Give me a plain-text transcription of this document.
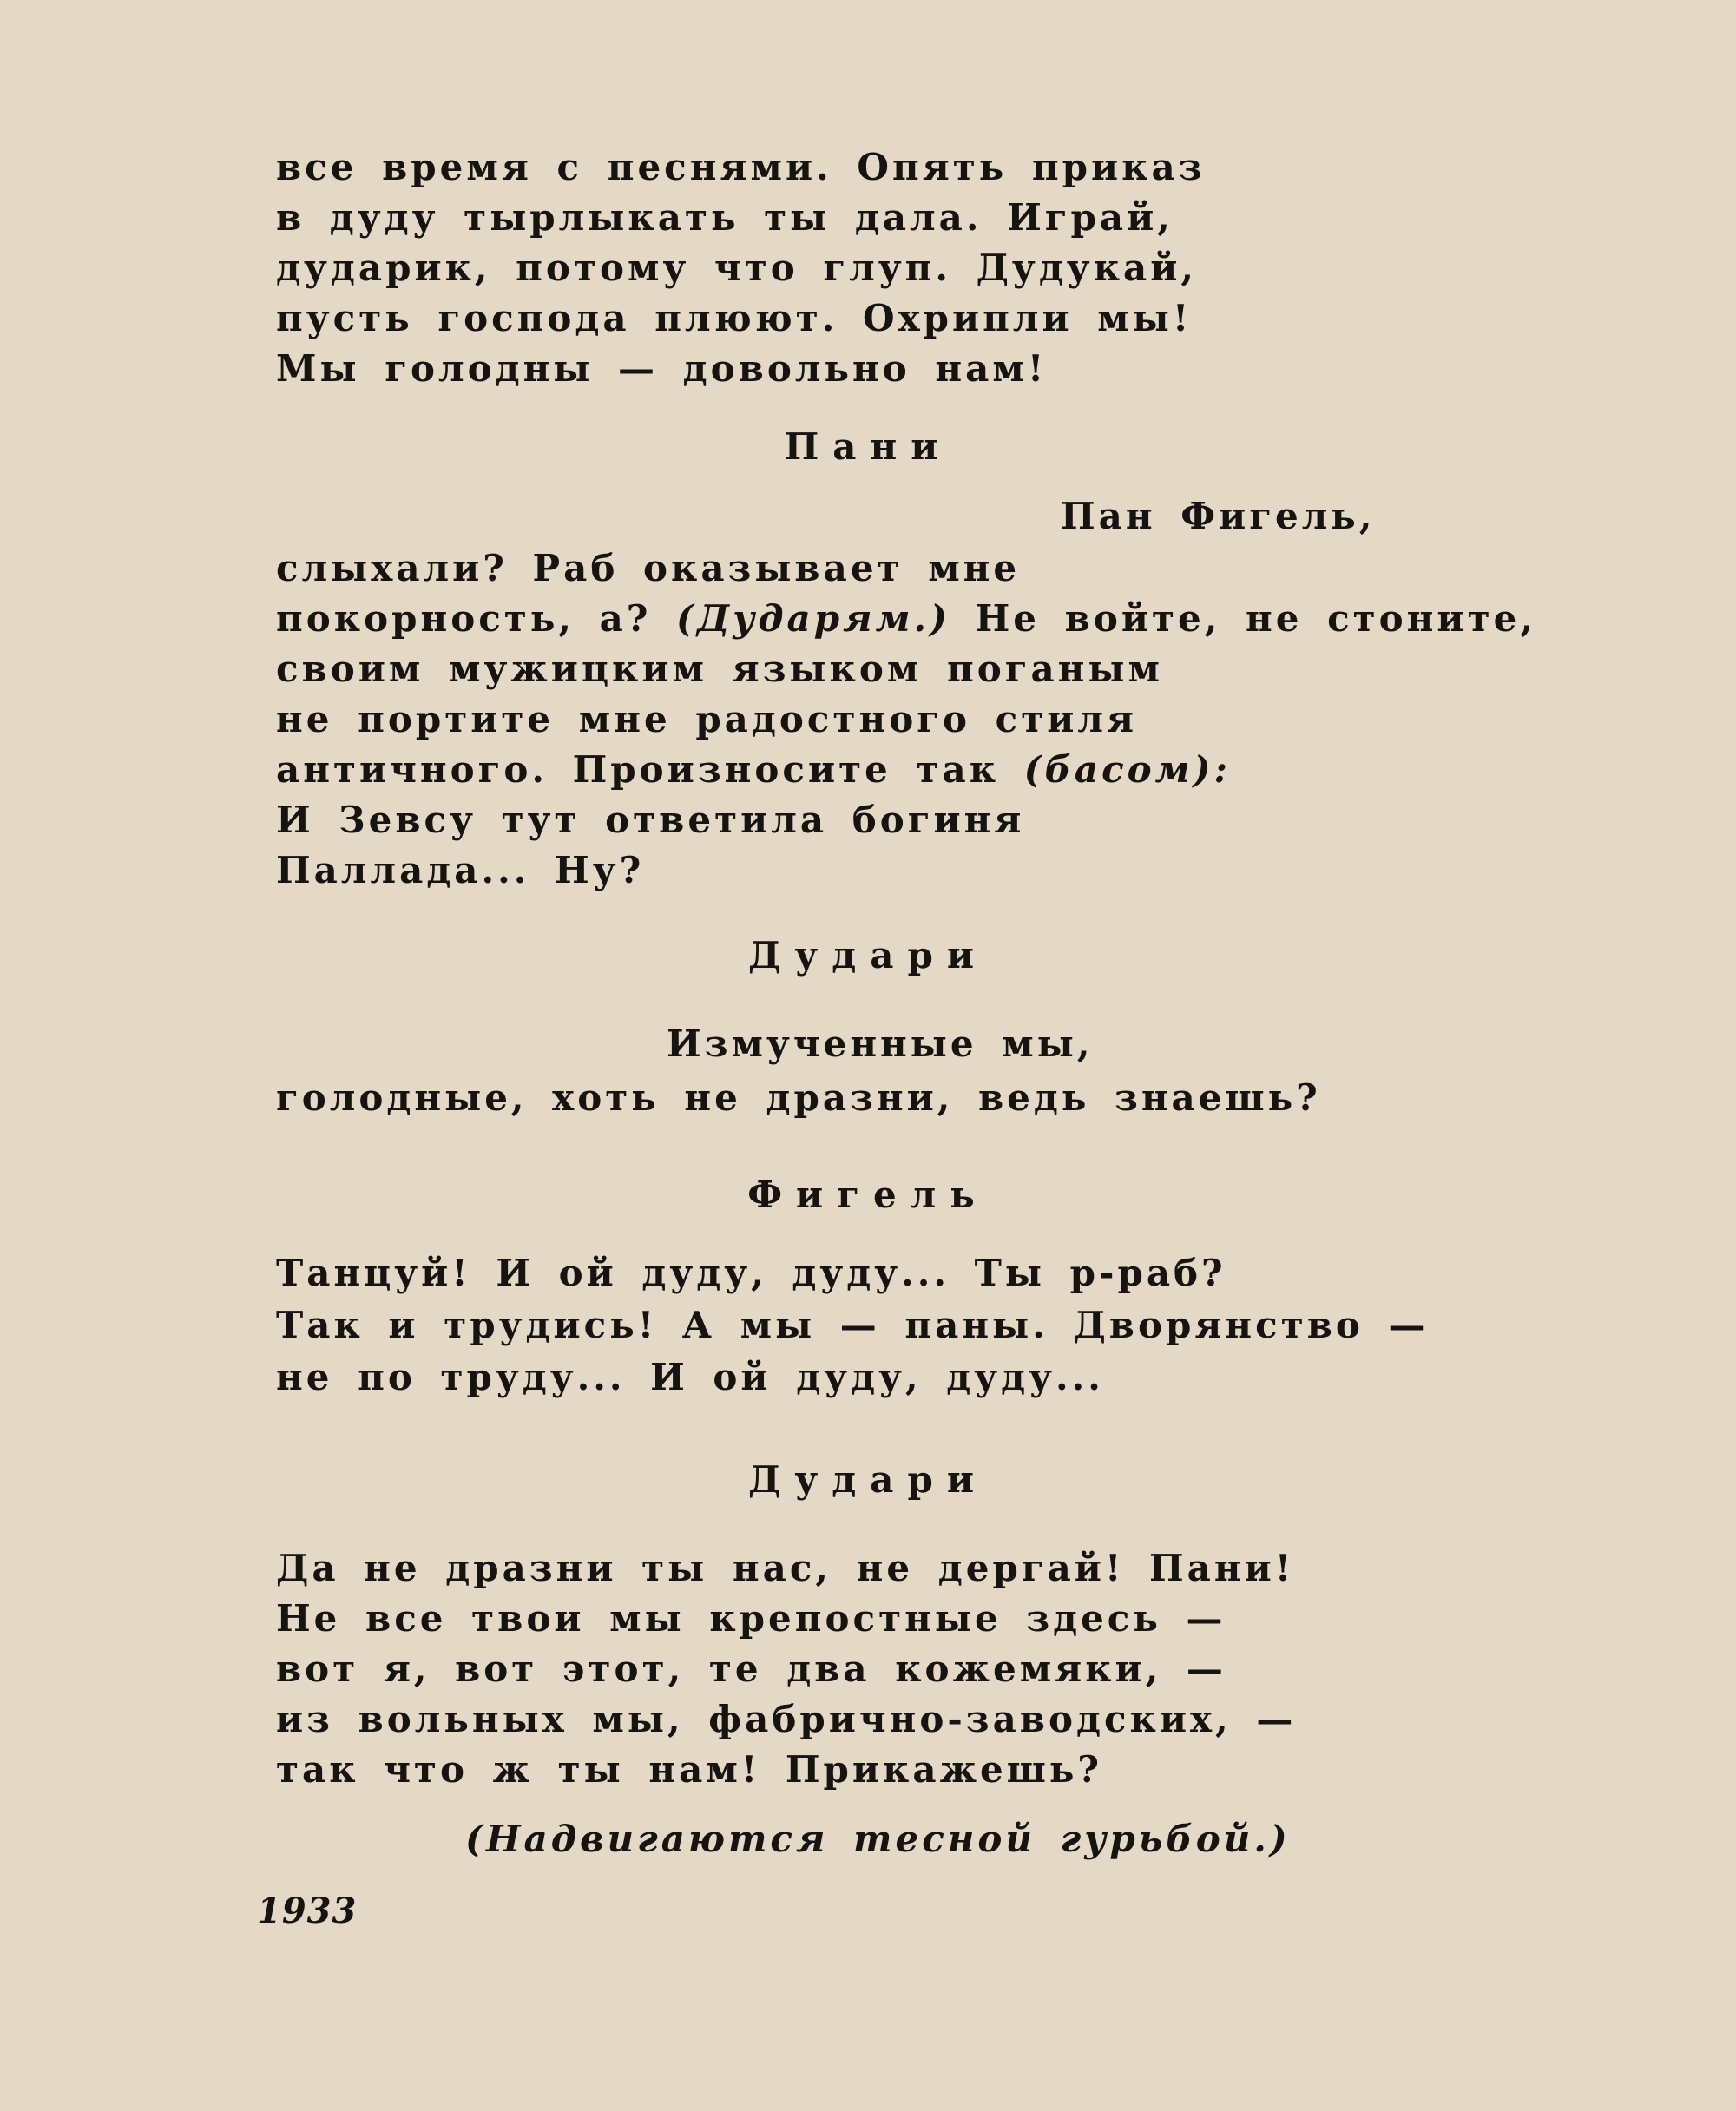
все время с песнями. Опять приказ

в дуду тырлыкать ты дала. Играй,

дударик, потому что глуп. Дудукай,

пусть господа плюют. Охрипли мы!

Мы голодны — довольно нам!

Пани

Пан Фигель,

слыхали? Раб оказывает мне

покорность, а? (Дударям.) Не войте, не стоните,

своим мужицким языком поганым

не портите мне радостного стиля

античного. Произносите так (басом):

И Зевсу тут ответила богиня

Паллада... Ну?

Дудари

Измученные мы,

голодные, хоть не дразни, ведь знаешь?

Фигель

Танцуй! И ой дуду, дуду... Ты р-раб?

Так и трудись! А мы — паны. Дворянство —

не по труду... И ой дуду, дуду...

Дудари

Да не дразни ты нас, не дергай! Пани!

Не все твои мы крепостные здесь —

вот я, вот этот, те два кожемяки, —

из вольных мы, фабрично-заводских, —

так что ж ты нам! Прикажешь?

(Надвигаются тесной гурьбой.)

1933
